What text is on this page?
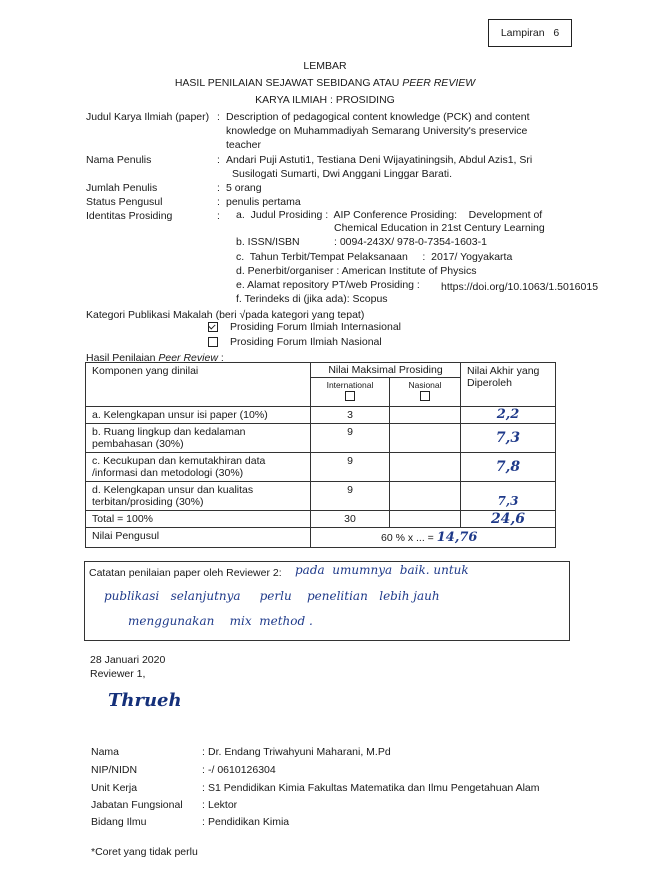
Lampiran   6
LEMBAR
HASIL PENILAIAN SEJAWAT SEBIDANG ATAU PEER REVIEW
KARYA ILMIAH : PROSIDING
Judul Karya Ilmiah (paper) : Description of pedagogical content knowledge (PCK) and content
knowledge on Muhammadiyah Semarang University's preservice
teacher
Nama Penulis	: Andari Puji Astuti1, Testiana Deni Wijayatiningsih, Abdul Azis1, Sri
Susilogati Sumarti, Dwi Anggani Linggar Barati.
Jumlah Penulis	: 5 orang
Status Pengusul	: penulis pertama
Identitas Prosiding	: a.  Judul Prosiding :  AIP Conference Prosiding:    Development of
Chemical Education in 21st Century Learning
b. ISSN/ISBN	: 0094-243X/ 978-0-7354-1603-1
c.  Tahun Terbit/Tempat Pelaksanaan     :  2017/ Yogyakarta
d. Penerbit/organiser : American Institute of Physics
e. Alamat repository PT/web Prosiding : https://doi.org/10.1063/1.5016015
f. Terindeks di (jika ada): Scopus
Kategori Publikasi Makalah (beri √pada kategori yang tepat)
Prosiding Forum Ilmiah Internasional
Prosiding Forum Ilmiah Nasional
Hasil Penilaian Peer Review :
Komponen yang dinilai	Nilai Maksimal Prosiding		Nilai Akhir yang
Diperoleh

	International	Nasional	

a. Kelengkapan unsur isi paper (10%)	3		2,2

b. Ruang lingkup dan kedalaman
pembahasan (30%)	9		7,3

c. Kecukupan dan kemutakhiran data
/informasi dan metodologi (30%)	9		7,8

d. Kelengkapan unsur dan kualitas
terbitan/prosiding (30%)	9		7,3
Total = 100%	30		24,6
Nilai Pengusul	60 % x ... = 14,76		
Catatan penilaian paper oleh Reviewer 2: pada  umumnya  baik. untuk
publikasi   selanjutnya     perlu    penelitian   lebih jauh
menggunakan    mix  method .
28 Januari 2020
Reviewer 1,
Thrueh
Nama	: Dr. Endang Triwahyuni Maharani, M.Pd
NIP/NIDN	: -/ 0610126304
Unit Kerja	: S1 Pendidikan Kimia Fakultas Matematika dan Ilmu Pengetahuan Alam
Jabatan Fungsional : Lektor
Bidang Ilmu	: Pendidikan Kimia
*Coret yang tidak perlu
